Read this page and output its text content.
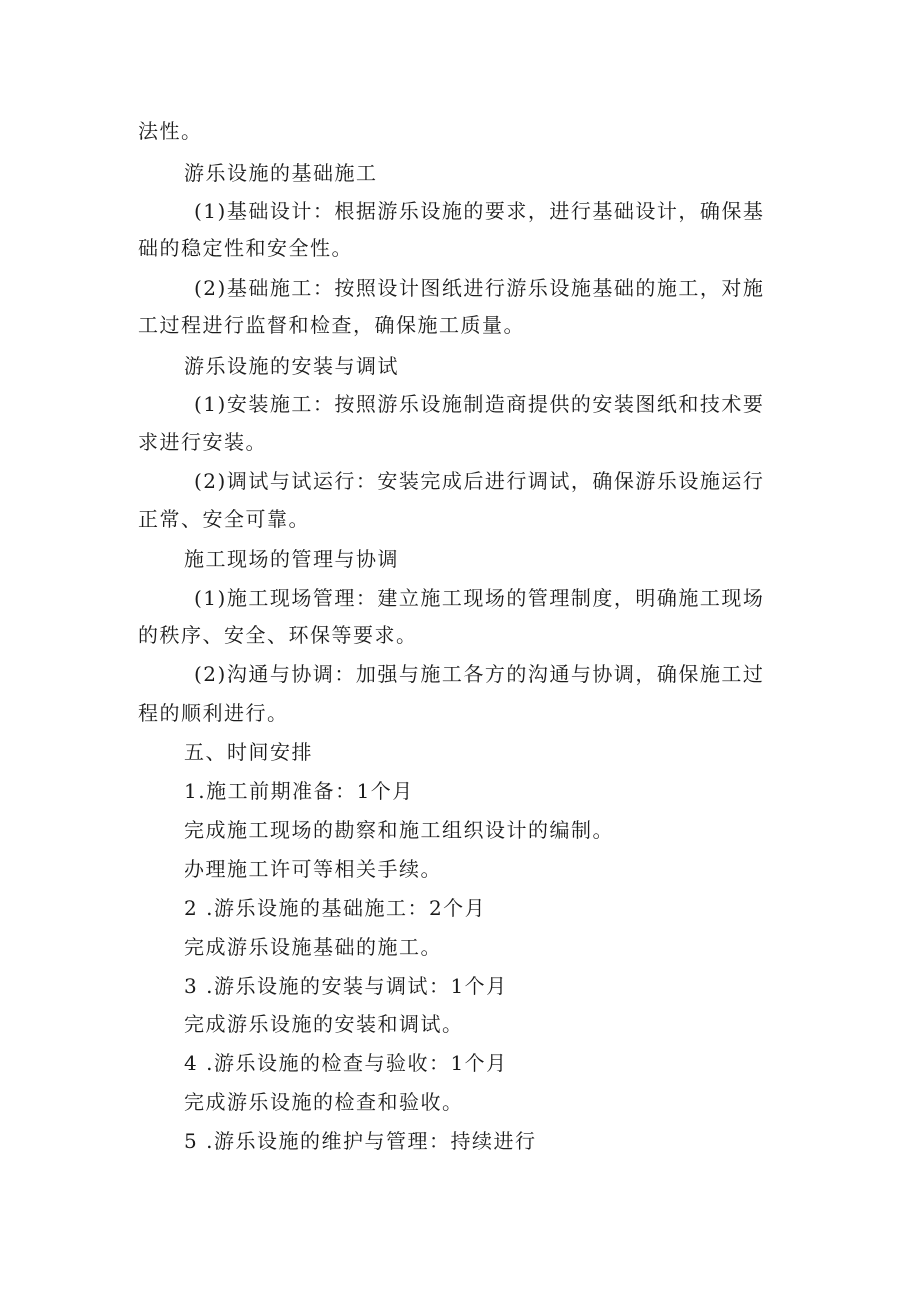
法性。
游乐设施的基础施工
(1)基础设计：根据游乐设施的要求，进行基础设计，确保基
础的稳定性和安全性。
(2)基础施工：按照设计图纸进行游乐设施基础的施工，对施
工过程进行监督和检查，确保施工质量。
游乐设施的安装与调试
(1)安装施工：按照游乐设施制造商提供的安装图纸和技术要
求进行安装。
(2)调试与试运行：安装完成后进行调试，确保游乐设施运行
正常、安全可靠。
施工现场的管理与协调
(1)施工现场管理：建立施工现场的管理制度，明确施工现场
的秩序、安全、环保等要求。
(2)沟通与协调：加强与施工各方的沟通与协调，确保施工过
程的顺利进行。
五、时间安排
1.施工前期准备：1个月
完成施工现场的勘察和施工组织设计的编制。
办理施工许可等相关手续。
2 .游乐设施的基础施工：2个月
完成游乐设施基础的施工。
3 .游乐设施的安装与调试：1个月
完成游乐设施的安装和调试。
4 .游乐设施的检查与验收：1个月
完成游乐设施的检查和验收。
5 .游乐设施的维护与管理：持续进行
